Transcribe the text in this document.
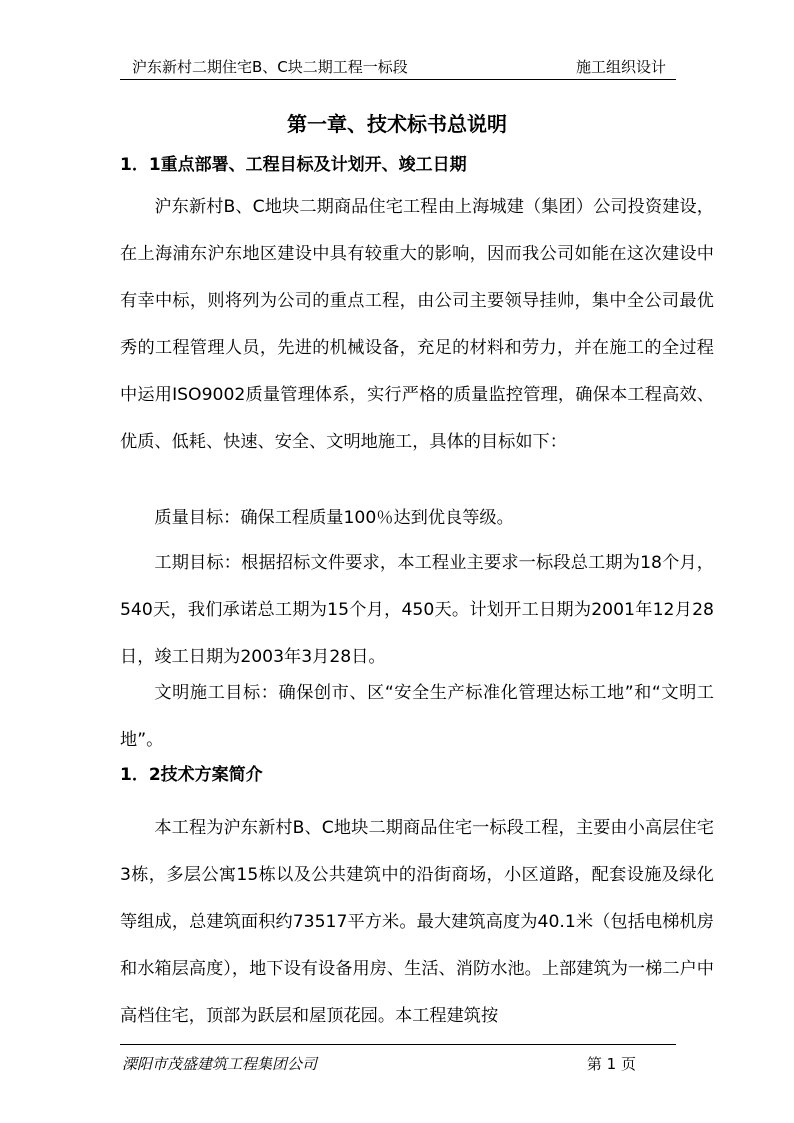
沪东新村二期住宅B、C块二期工程一标段	施工组织设计
第一章、技术标书总说明
1．1重点部署、工程目标及计划开、竣工日期
沪东新村B、C地块二期商品住宅工程由上海城建（集团）公司投资建设，在上海浦东沪东地区建设中具有较重大的影响，因而我公司如能在这次建设中有幸中标，则将列为公司的重点工程，由公司主要领导挂帅，集中全公司最优秀的工程管理人员，先进的机械设备，充足的材料和劳力，并在施工的全过程中运用ISO9002质量管理体系，实行严格的质量监控管理，确保本工程高效、优质、低耗、快速、安全、文明地施工，具体的目标如下：
质量目标：确保工程质量100％达到优良等级。
工期目标：根据招标文件要求，本工程业主要求一标段总工期为18个月，540天，我们承诺总工期为15个月，450天。计划开工日期为2001年12月28日，竣工日期为2003年3月28日。
文明施工目标：确保创市、区“安全生产标准化管理达标工地”和“文明工地”。
1．2技术方案简介
本工程为沪东新村B、C地块二期商品住宅一标段工程，主要由小高层住宅3栋，多层公寓15栋以及公共建筑中的沿街商场，小区道路，配套设施及绿化等组成，总建筑面积约73517平方米。最大建筑高度为40.1米（包括电梯机房和水箱层高度），地下设有设备用房、生活、消防水池。上部建筑为一梯二户中高档住宅，顶部为跃层和屋顶花园。本工程建筑按
溧阳市茂盛建筑工程集团公司	第 1 页
